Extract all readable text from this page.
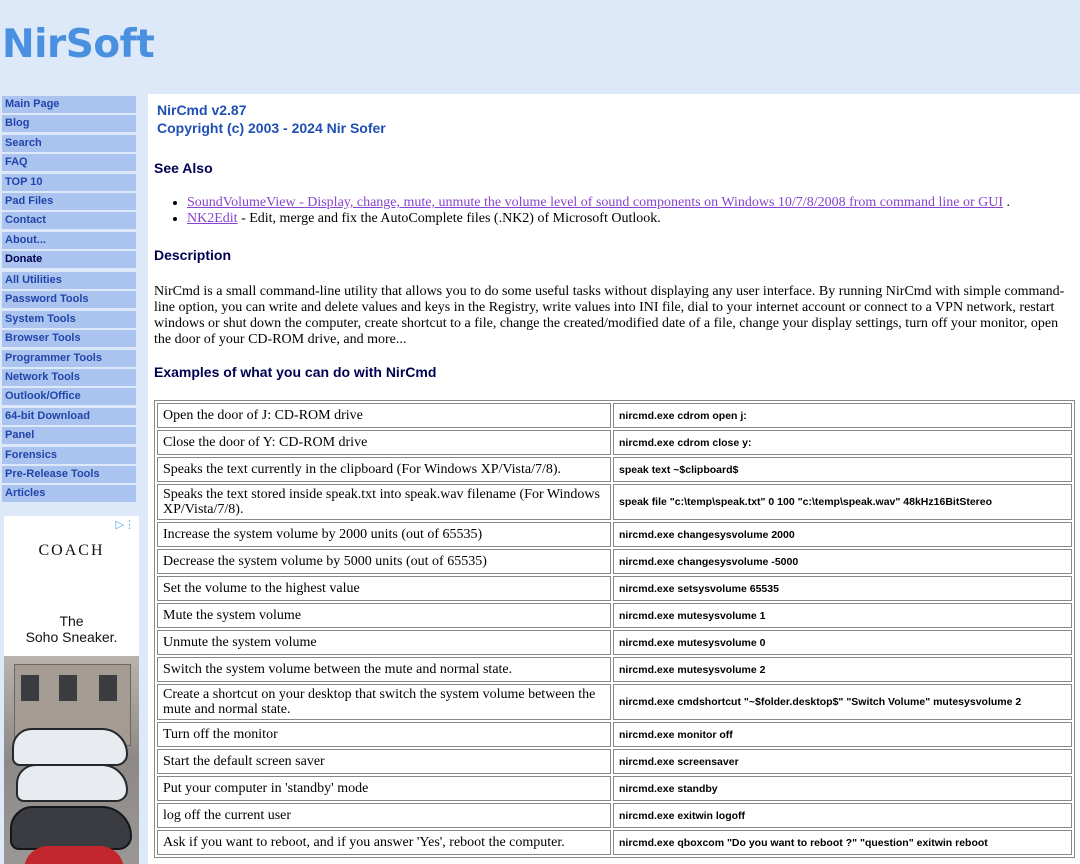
NirSoft
Main Page
Blog
Search
FAQ
TOP 10
Pad Files
Contact
About...
Donate
All Utilities
Password Tools
System Tools
Browser Tools
Programmer Tools
Network Tools
Outlook/Office
64-bit Download
Panel
Forensics
Pre-Release Tools
Articles
▷⋮
COACH
The
Soho Sneaker.
NirCmd v2.87
Copyright (c) 2003 - 2024 Nir Sofer
See Also
• SoundVolumeView - Display, change, mute, unmute the volume level of sound components on Windows 10/7/8/2008 from command line or GUI .
• NK2Edit - Edit, merge and fix the AutoComplete files (.NK2) of Microsoft Outlook.
Description

NirCmd is a small command-line utility that allows you to do some useful tasks without displaying any user interface. By running NirCmd with simple command-line option, you can write and delete values and keys in the Registry, write values into INI file, dial to your internet account or connect to a VPN network, restart windows or shut down the computer, create shortcut to a file, change the created/modified date of a file, change your display settings, turn off your monitor, open the door of your CD-ROM drive, and more...

Examples of what you can do with NirCmd
Open the door of J: CD-ROM drive	nircmd.exe cdrom open j:
Close the door of Y: CD-ROM drive	nircmd.exe cdrom close y:
Speaks the text currently in the clipboard (For Windows XP/Vista/7/8).	speak text ~$clipboard$
Speaks the text stored inside speak.txt into speak.wav filename (For Windows XP/Vista/7/8).	speak file "c:\temp\speak.txt" 0 100 "c:\temp\speak.wav" 48kHz16BitStereo
Increase the system volume by 2000 units (out of 65535)	nircmd.exe changesysvolume 2000
Decrease the system volume by 5000 units (out of 65535)	nircmd.exe changesysvolume -5000
Set the volume to the highest value	nircmd.exe setsysvolume 65535
Mute the system volume	nircmd.exe mutesysvolume 1
Unmute the system volume	nircmd.exe mutesysvolume 0
Switch the system volume between the mute and normal state.	nircmd.exe mutesysvolume 2
Create a shortcut on your desktop that switch the system volume between the mute and normal state.	nircmd.exe cmdshortcut "~$folder.desktop$" "Switch Volume" mutesysvolume 2
Turn off the monitor	nircmd.exe monitor off
Start the default screen saver	nircmd.exe screensaver
Put your computer in 'standby' mode	nircmd.exe standby
log off the current user	nircmd.exe exitwin logoff
Ask if you want to reboot, and if you answer 'Yes', reboot the computer.	nircmd.exe qboxcom "Do you want to reboot ?" "question" exitwin reboot
